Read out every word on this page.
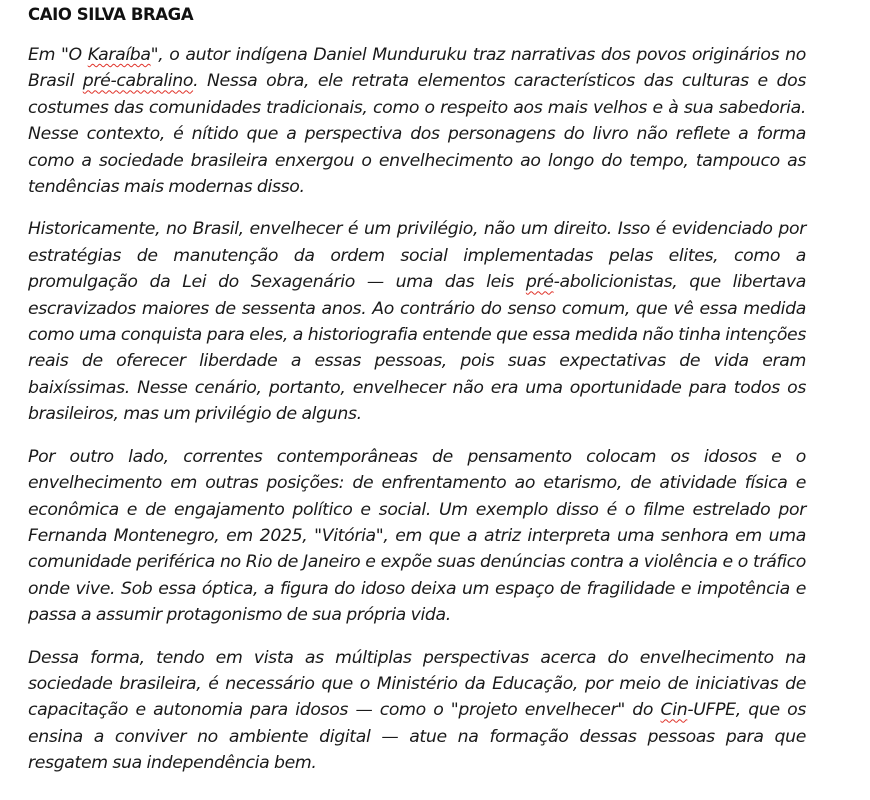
CAIO SILVA BRAGA

Em "O Karaíba", o autor indígena Daniel Munduruku traz narrativas dos povos originários no Brasil pré-cabralino. Nessa obra, ele retrata elementos característicos das culturas e dos costumes das comunidades tradicionais, como o respeito aos mais velhos e à sua sabedoria. Nesse contexto, é nítido que a perspectiva dos personagens do livro não reflete a forma como a sociedade brasileira enxergou o envelhecimento ao longo do tempo, tampouco as tendências mais modernas disso.

Historicamente, no Brasil, envelhecer é um privilégio, não um direito. Isso é evidenciado por estratégias de manutenção da ordem social implementadas pelas elites, como a promulgação da Lei do Sexagenário — uma das leis pré-abolicionistas, que libertava escravizados maiores de sessenta anos. Ao contrário do senso comum, que vê essa medida como uma conquista para eles, a historiografia entende que essa medida não tinha intenções reais de oferecer liberdade a essas pessoas, pois suas expectativas de vida eram baixíssimas. Nesse cenário, portanto, envelhecer não era uma oportunidade para todos os brasileiros, mas um privilégio de alguns.

Por outro lado, correntes contemporâneas de pensamento colocam os idosos e o envelhecimento em outras posições: de enfrentamento ao etarismo, de atividade física e econômica e de engajamento político e social. Um exemplo disso é o filme estrelado por Fernanda Montenegro, em 2025, "Vitória", em que a atriz interpreta uma senhora em uma comunidade periférica no Rio de Janeiro e expõe suas denúncias contra a violência e o tráfico onde vive. Sob essa óptica, a figura do idoso deixa um espaço de fragilidade e impotência e passa a assumir protagonismo de sua própria vida.

Dessa forma, tendo em vista as múltiplas perspectivas acerca do envelhecimento na sociedade brasileira, é necessário que o Ministério da Educação, por meio de iniciativas de capacitação e autonomia para idosos — como o "projeto envelhecer" do Cin-UFPE, que os ensina a conviver no ambiente digital — atue na formação dessas pessoas para que resgatem sua independência bem.
